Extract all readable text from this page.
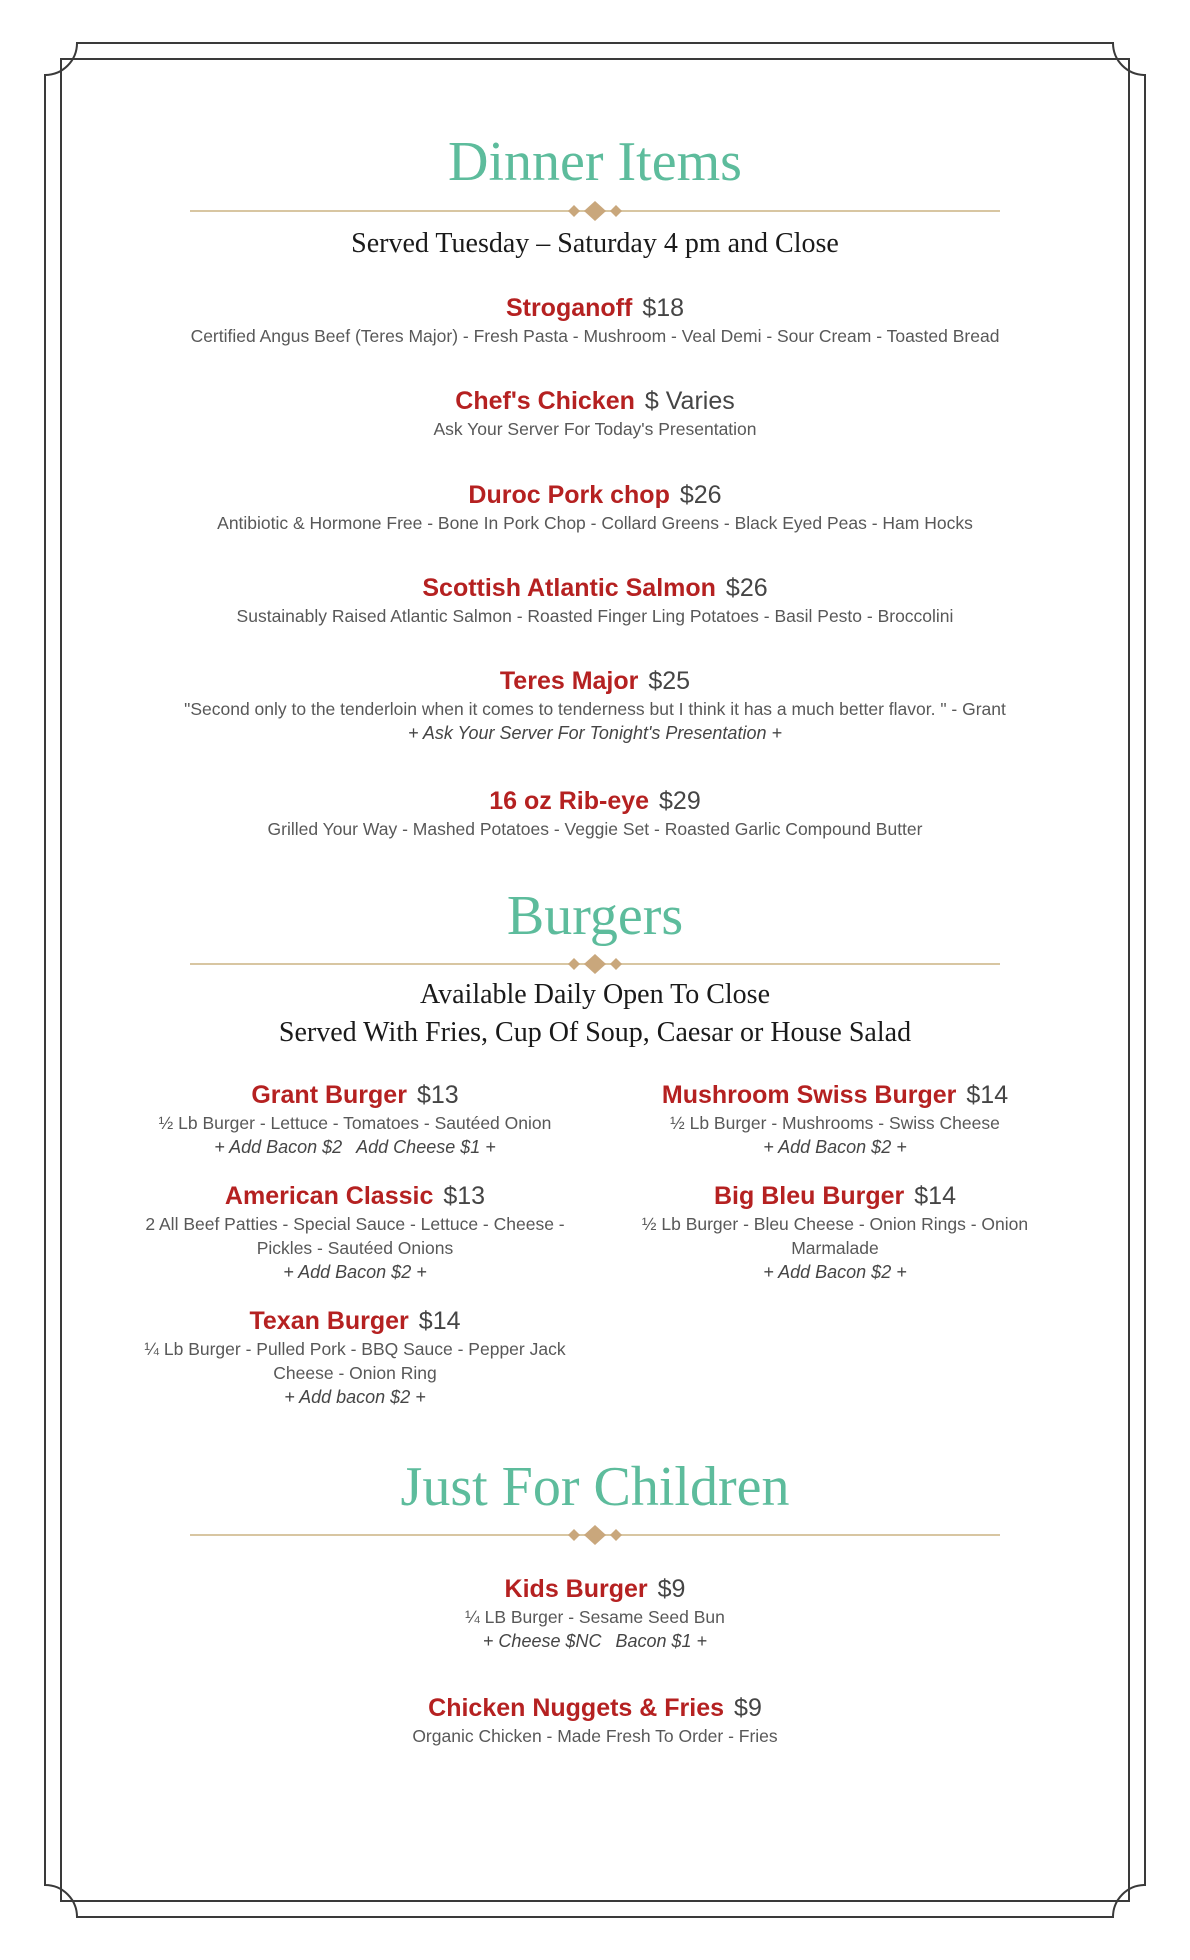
Dinner Items
Served Tuesday – Saturday 4 pm and Close
Stroganoff $18
Certified Angus Beef (Teres Major) - Fresh Pasta - Mushroom - Veal Demi - Sour Cream - Toasted Bread
Chef's Chicken $ Varies
Ask Your Server For Today's Presentation
Duroc Pork chop $26
Antibiotic & Hormone Free - Bone In Pork Chop - Collard Greens - Black Eyed Peas - Ham Hocks
Scottish Atlantic Salmon $26
Sustainably Raised Atlantic Salmon - Roasted Finger Ling Potatoes - Basil Pesto - Broccolini
Teres Major $25
"Second only to the tenderloin when it comes to tenderness but I think it has a much better flavor. " - Grant
+ Ask Your Server For Tonight's Presentation +
16 oz Rib-eye $29
Grilled Your Way - Mashed Potatoes - Veggie Set - Roasted Garlic Compound Butter
Burgers
Available Daily Open To Close
Served With Fries, Cup Of Soup, Caesar or House Salad
Grant Burger $13
½ Lb Burger - Lettuce - Tomatoes - Sautéed Onion
+ Add Bacon $2 Add Cheese $1 +
Mushroom Swiss Burger $14
½ Lb Burger - Mushrooms - Swiss Cheese
+ Add Bacon $2 +
American Classic $13
2 All Beef Patties - Special Sauce - Lettuce - Cheese - Pickles - Sautéed Onions
+ Add Bacon $2 +
Big Bleu Burger $14
½ Lb Burger - Bleu Cheese - Onion Rings - Onion Marmalade
+ Add Bacon $2 +
Texan Burger $14
¼ Lb Burger - Pulled Pork - BBQ Sauce - Pepper Jack Cheese - Onion Ring
+ Add bacon $2 +
Just For Children
Kids Burger $9
¼ LB Burger - Sesame Seed Bun
+ Cheese $NC Bacon $1 +
Chicken Nuggets & Fries $9
Organic Chicken - Made Fresh To Order - Fries
